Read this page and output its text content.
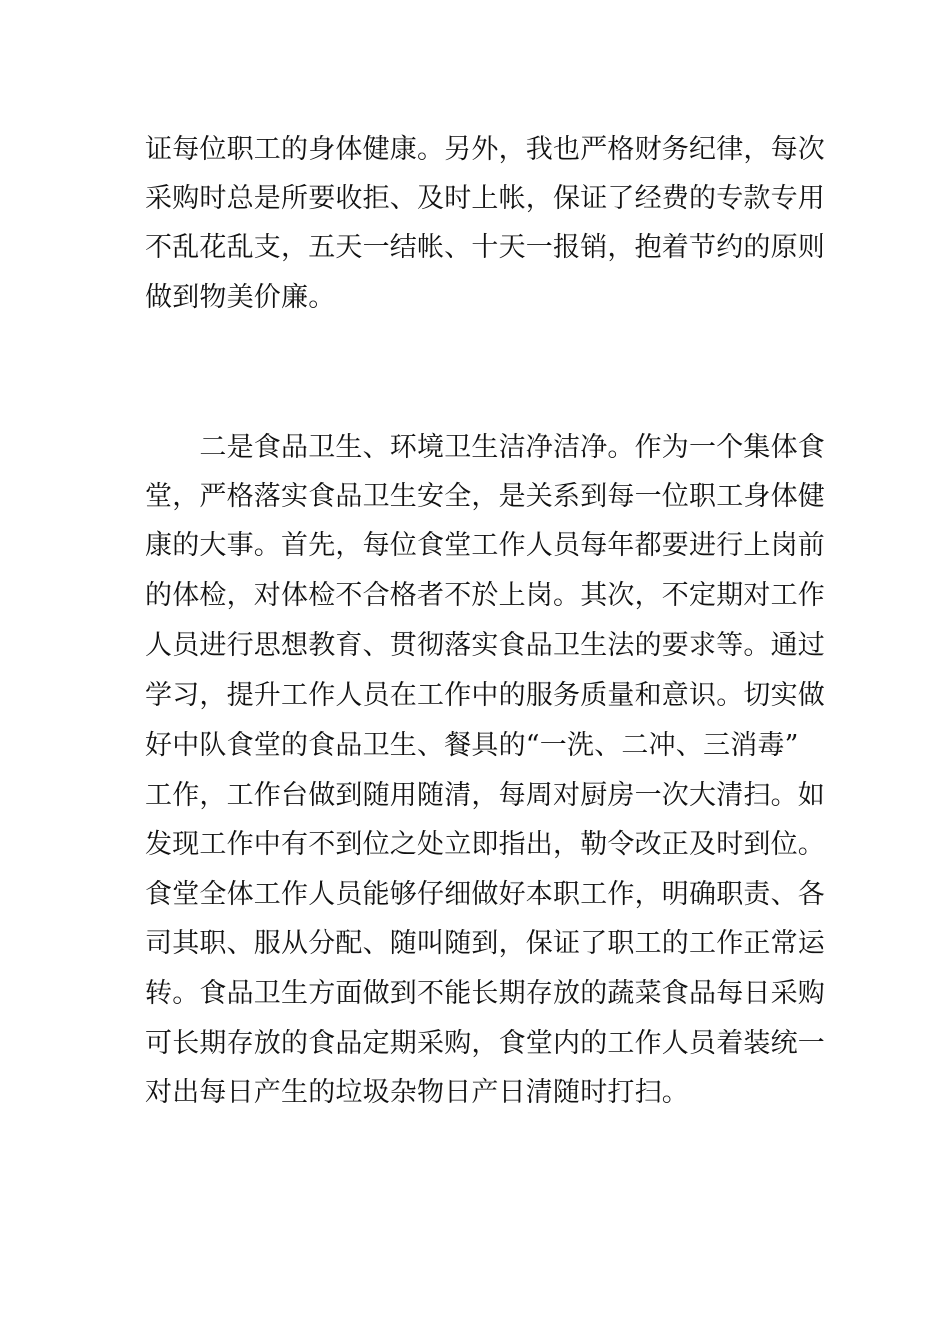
证每位职工的身体健康。另外，我也严格财务纪律，每次
采购时总是所要收拒、及时上帐，保证了经费的专款专用
不乱花乱支，五天一结帐、十天一报销，抱着节约的原则
做到物美价廉。
　　二是食品卫生、环境卫生洁净洁净。作为一个集体食
堂，严格落实食品卫生安全，是关系到每一位职工身体健
康的大事。首先，每位食堂工作人员每年都要进行上岗前
的体检，对体检不合格者不於上岗。其次，不定期对工作
人员进行思想教育、贯彻落实食品卫生法的要求等。通过
学习，提升工作人员在工作中的服务质量和意识。切实做
好中队食堂的食品卫生、餐具的“一洗、二冲、三消毒”
工作，工作台做到随用随清，每周对厨房一次大清扫。如
发现工作中有不到位之处立即指出，勒令改正及时到位。
食堂全体工作人员能够仔细做好本职工作，明确职责、各
司其职、服从分配、随叫随到，保证了职工的工作正常运
转。食品卫生方面做到不能长期存放的蔬菜食品每日采购
可长期存放的食品定期采购，食堂内的工作人员着装统一
对出每日产生的垃圾杂物日产日清随时打扫。
